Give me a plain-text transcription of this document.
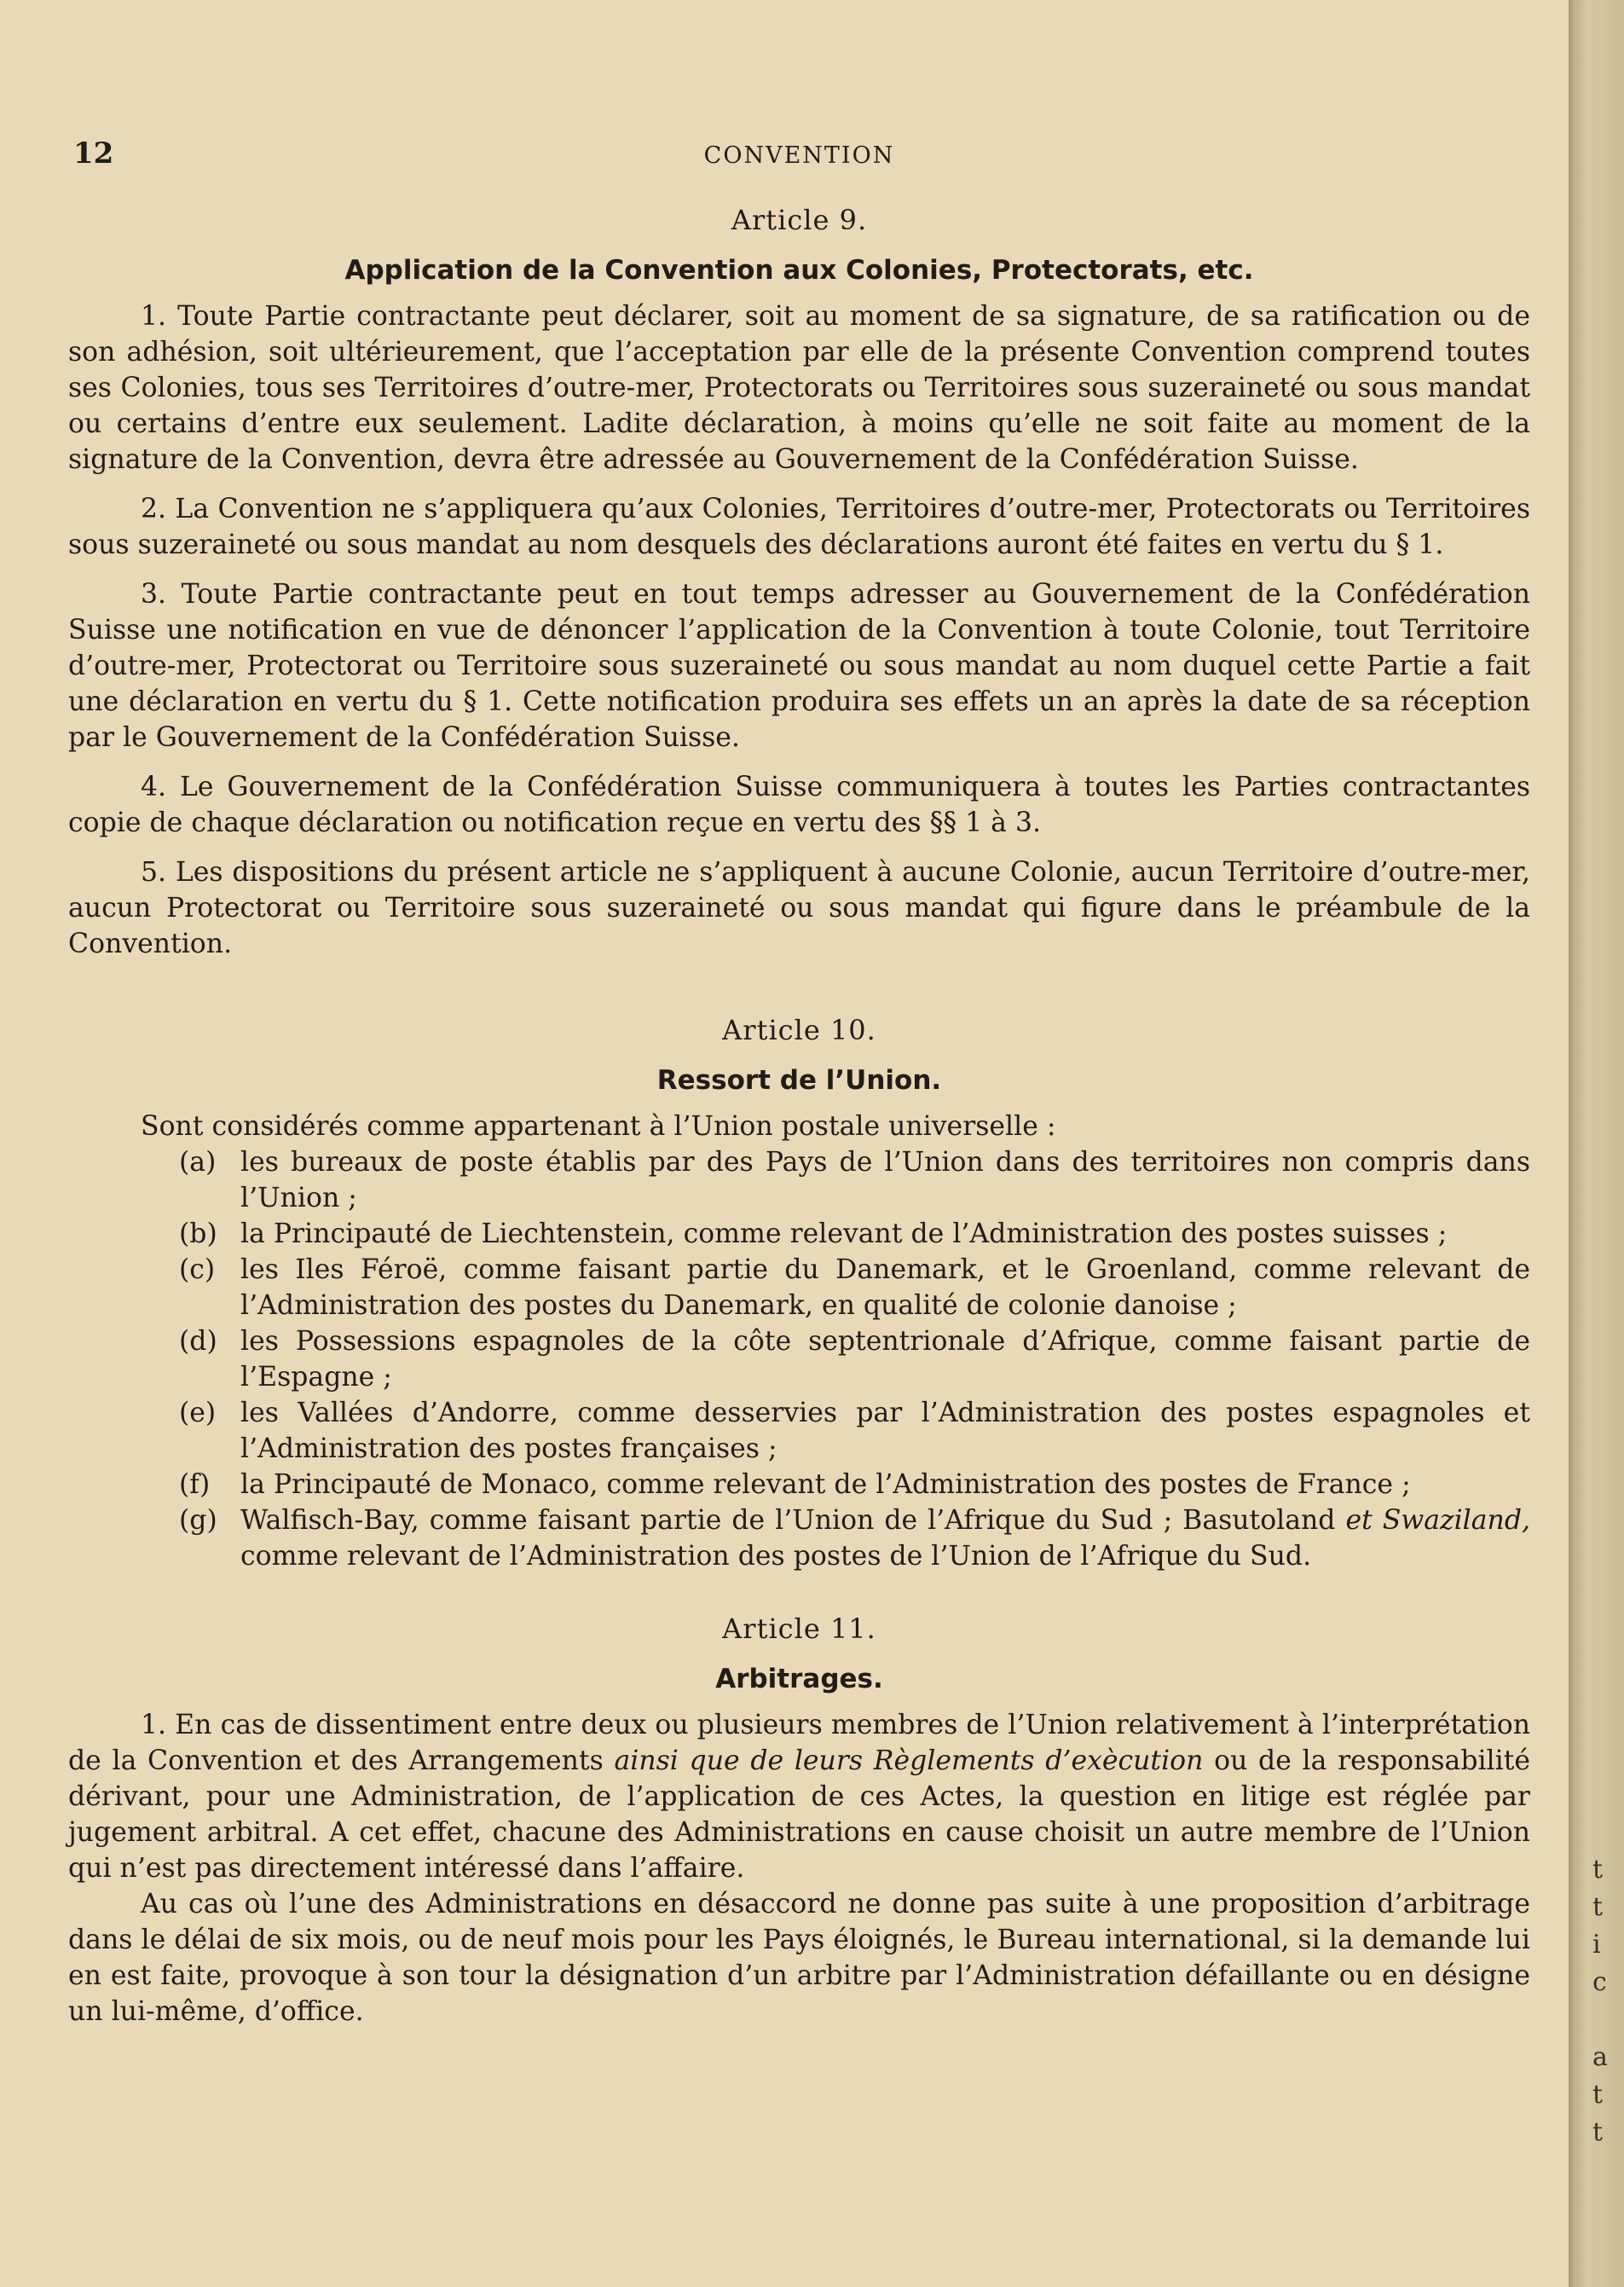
t
t
i
c
a
t
t
12	CONVENTION
Article 9.
Application de la Convention aux Colonies, Protectorats, etc.

1. Toute Partie contractante peut déclarer, soit au moment de sa signature, de sa ratification ou de son adhésion, soit ultérieurement, que l’acceptation par elle de la présente Convention comprend toutes ses Colonies, tous ses Territoires d’outre-mer, Protectorats ou Territoires sous suzeraineté ou sous mandat ou certains d’entre eux seulement. Ladite déclaration, à moins qu’elle ne soit faite au moment de la signature de la Convention, devra être adressée au Gouvernement de la Confédération Suisse.

2. La Convention ne s’appliquera qu’aux Colonies, Territoires d’outre-mer, Protectorats ou Territoires sous suzeraineté ou sous mandat au nom desquels des déclarations auront été faites en vertu du § 1.

3. Toute Partie contractante peut en tout temps adresser au Gouvernement de la Confédération Suisse une notification en vue de dénoncer l’application de la Convention à toute Colonie, tout Territoire d’outre-mer, Protectorat ou Territoire sous suzeraineté ou sous mandat au nom duquel cette Partie a fait une déclaration en vertu du § 1. Cette notification produira ses effets un an après la date de sa réception par le Gouvernement de la Confédération Suisse.

4. Le Gouvernement de la Confédération Suisse communiquera à toutes les Parties contractantes copie de chaque déclaration ou notification reçue en vertu des §§ 1 à 3.

5. Les dispositions du présent article ne s’appliquent à aucune Colonie, aucun Territoire d’outre-mer, aucun Protectorat ou Territoire sous suzeraineté ou sous mandat qui figure dans le préambule de la Convention.

Article 10.
Ressort de l’Union.

Sont considérés comme appartenant à l’Union postale universelle :

(a) les bureaux de poste établis par des Pays de l’Union dans des territoires non compris dans l’Union ;
(b) la Principauté de Liechtenstein, comme relevant de l’Administration des postes suisses ;
(c) les Iles Féroë, comme faisant partie du Danemark, et le Groenland, comme relevant de l’Administration des postes du Danemark, en qualité de colonie danoise ;
(d) les Possessions espagnoles de la côte septentrionale d’Afrique, comme faisant partie de l’Espagne ;
(e) les Vallées d’Andorre, comme desservies par l’Administration des postes espagnoles et l’Administration des postes françaises ;
(f) la Principauté de Monaco, comme relevant de l’Administration des postes de France ;
(g) Walfisch-Bay, comme faisant partie de l’Union de l’Afrique du Sud ; Basutoland et Swaziland, comme relevant de l’Administration des postes de l’Union de l’Afrique du Sud.
Article 11.
Arbitrages.

1. En cas de dissentiment entre deux ou plusieurs membres de l’Union relativement à l’interprétation de la Convention et des Arrangements ainsi que de leurs Règlements d’exècution ou de la responsabilité dérivant, pour une Administration, de l’application de ces Actes, la question en litige est réglée par jugement arbitral. A cet effet, chacune des Administrations en cause choisit un autre membre de l’Union qui n’est pas directement intéressé dans l’affaire.

Au cas où l’une des Administrations en désaccord ne donne pas suite à une proposition d’arbitrage dans le délai de six mois, ou de neuf mois pour les Pays éloignés, le Bureau international, si la demande lui en est faite, provoque à son tour la désignation d’un arbitre par l’Administration défaillante ou en désigne un lui-même, d’office.
